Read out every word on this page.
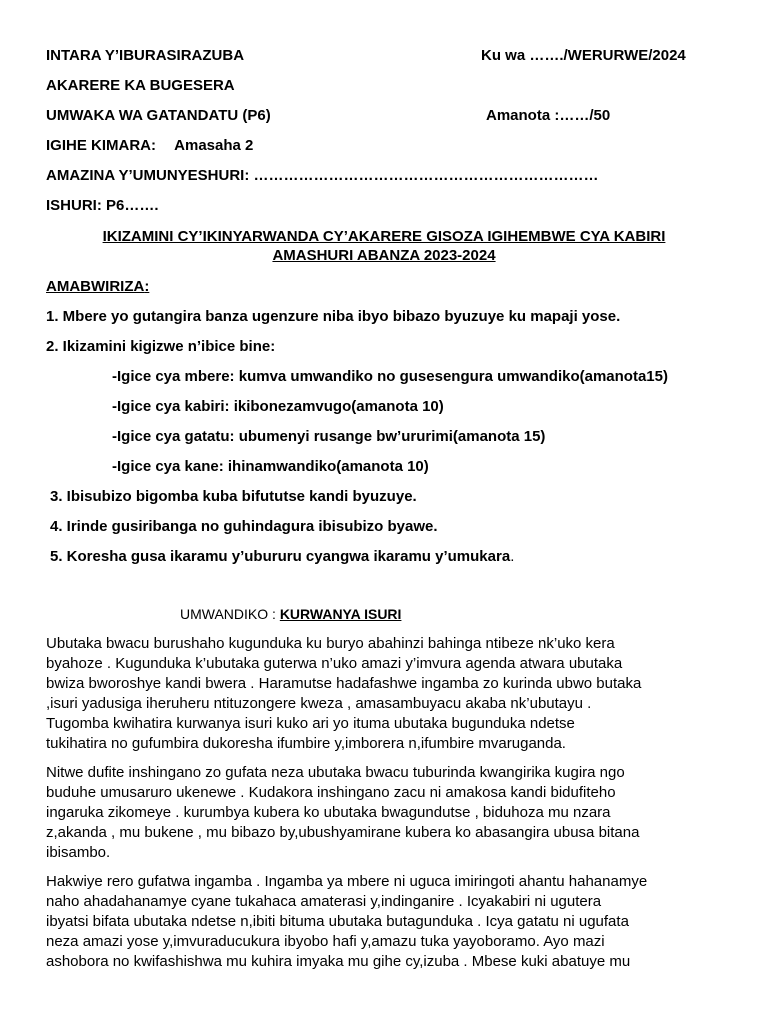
INTARA Y’IBURASIRAZUBA	Ku wa ……./WERURWE/2024
AKARERE KA BUGESERA
UMWAKA WA GATANDATU (P6)	Amanota :……/50
IGIHE KIMARA: Amasaha 2
AMAZINA Y’UMUNYESHURI: ……………………………………………………………
ISHURI: P6…….
IKIZAMINI CY’IKINYARWANDA CY’AKARERE GISOZA IGIHEMBWE CYA KABIRI
AMASHURI ABANZA 2023-2024
AMABWIRIZA:
1. Mbere yo gutangira banza ugenzure niba ibyo bibazo byuzuye ku mapaji yose.
2. Ikizamini kigizwe n’ibice bine:
-Igice cya mbere: kumva umwandiko no gusesengura umwandiko(amanota15)
-Igice cya kabiri: ikibonezamvugo(amanota 10)
-Igice cya gatatu: ubumenyi rusange bw’ururimi(amanota 15)
-Igice cya kane: ihinamwandiko(amanota 10)
3. Ibisubizo bigomba kuba bifututse kandi byuzuye.
4. Irinde gusiribanga no guhindagura ibisubizo byawe.
5. Koresha gusa ikaramu y’ubururu cyangwa ikaramu y’umukara.
UMWANDIKO : KURWANYA ISURI
Ubutaka bwacu burushaho kugunduka ku buryo abahinzi bahinga ntibeze nk’uko kera
byahoze . Kugunduka k’ubutaka guterwa n’uko amazi y’imvura agenda atwara ubutaka
bwiza bworoshye kandi bwera . Haramutse hadafashwe ingamba zo kurinda ubwo butaka
,isuri yadusiga iheruheru ntituzongere kweza , amasambuyacu akaba nk’ubutayu .
Tugomba kwihatira kurwanya isuri kuko ari yo ituma ubutaka bugunduka ndetse
tukihatira no gufumbira dukoresha ifumbire y,imborera n,ifumbire mvaruganda.
Nitwe dufite inshingano zo gufata neza ubutaka bwacu tuburinda kwangirika kugira ngo
buduhe umusaruro ukenewe . Kudakora inshingano zacu ni amakosa kandi bidufiteho
ingaruka zikomeye . kurumbya kubera ko ubutaka bwagundutse , biduhoza mu nzara
z,akanda , mu bukene , mu bibazo by,ubushyamirane kubera ko abasangira ubusa bitana
ibisambo.
Hakwiye rero gufatwa ingamba . Ingamba ya mbere ni uguca imiringoti ahantu hahanamye
naho ahadahanamye cyane tukahaca amaterasi y,indinganire . Icyakabiri ni ugutera
ibyatsi bifata ubutaka ndetse n,ibiti bituma ubutaka butagunduka . Icya gatatu ni ugufata
neza amazi yose y,imvuraducukura ibyobo hafi y,amazu tuka yayoboramo. Ayo mazi
ashobora no kwifashishwa mu kuhira imyaka mu gihe cy,izuba . Mbese kuki abatuye mu
